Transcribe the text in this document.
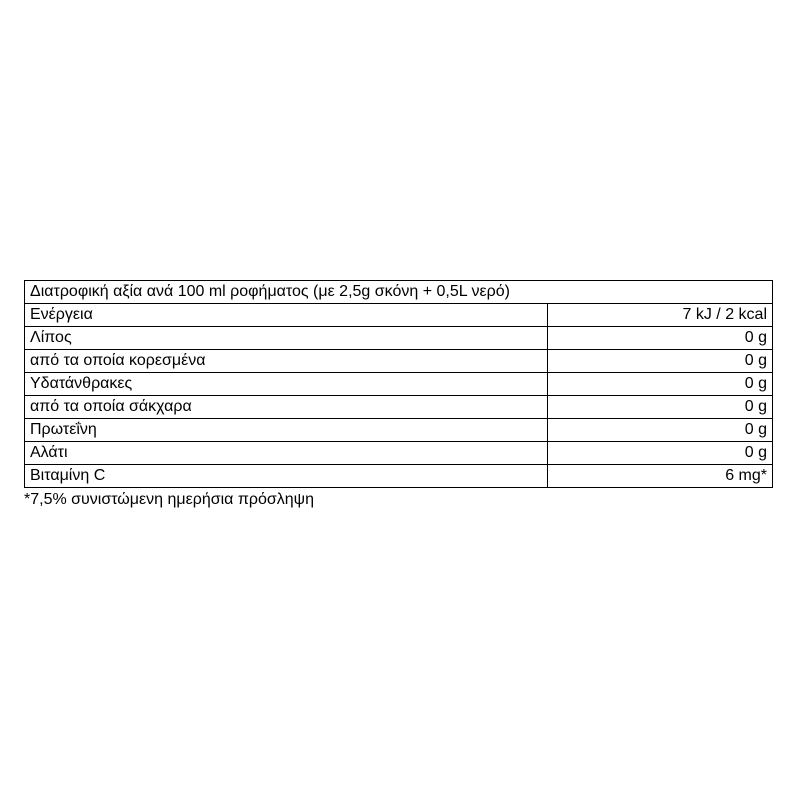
Διατροφική αξία ανά 100 ml ροφήματος (με 2,5g σκόνη + 0,5L νερό)	
Ενέργεια	7 kJ / 2 kcal
Λίπος	0 g
από τα οποία κορεσμένα	0 g
Υδατάνθρακες	0 g
από τα οποία σάκχαρα	0 g
Πρωτεΐνη	0 g
Αλάτι	0 g
Βιταμίνη C	6 mg*
*7,5% συνιστώμενη ημερήσια πρόσληψη
